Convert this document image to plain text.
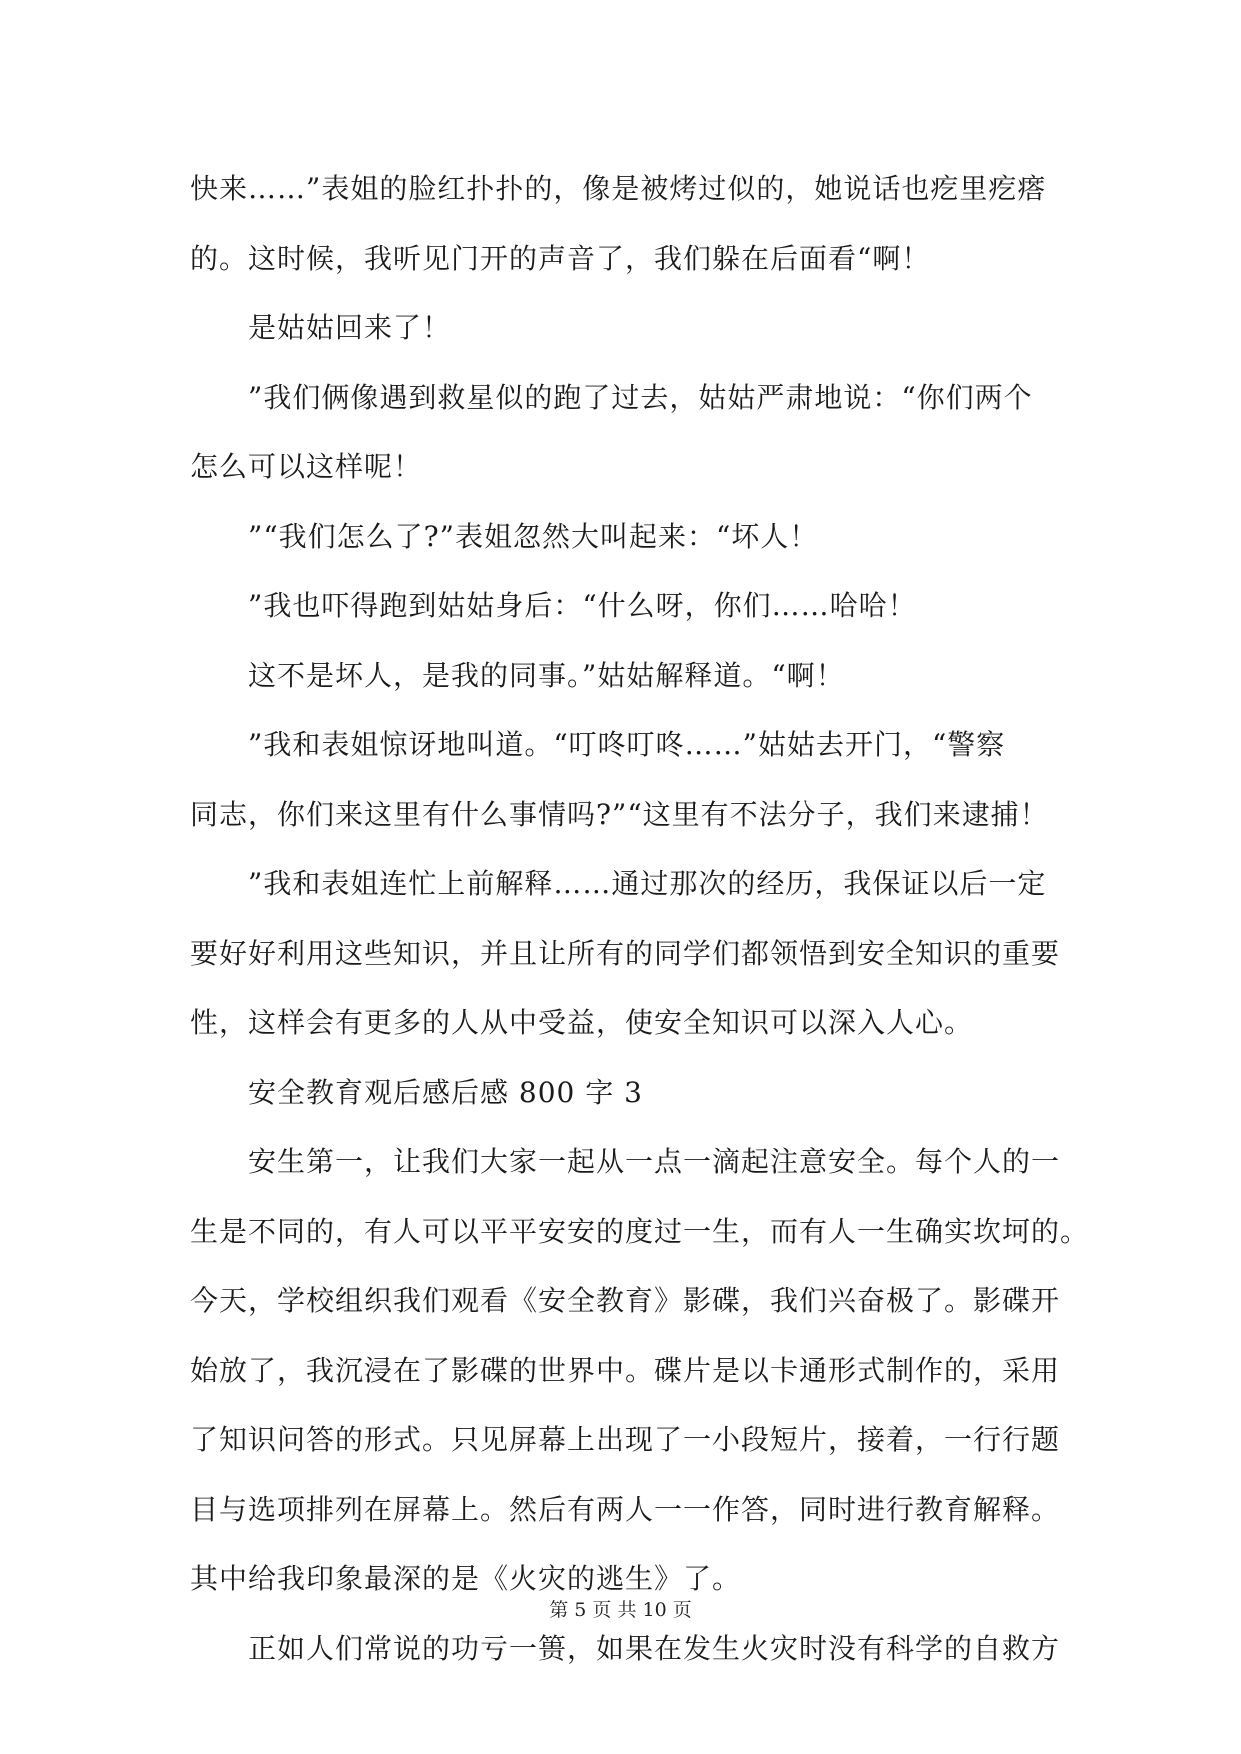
快来……”表姐的脸红扑扑的，像是被烤过似的，她说话也疙里疙瘩
的。这时候，我听见门开的声音了，我们躲在后面看“啊！
是姑姑回来了！
”我们俩像遇到救星似的跑了过去，姑姑严肃地说：“你们两个
怎么可以这样呢！
”“我们怎么了?”表姐忽然大叫起来：“坏人！
”我也吓得跑到姑姑身后：“什么呀，你们……哈哈！
这不是坏人，是我的同事。”姑姑解释道。“啊！
”我和表姐惊讶地叫道。“叮咚叮咚……”姑姑去开门，“警察
同志，你们来这里有什么事情吗?”“这里有不法分子，我们来逮捕！
”我和表姐连忙上前解释……通过那次的经历，我保证以后一定
要好好利用这些知识，并且让所有的同学们都领悟到安全知识的重要
性，这样会有更多的人从中受益，使安全知识可以深入人心。
安全教育观后感后感 800 字 3
安生第一，让我们大家一起从一点一滴起注意安全。每个人的一
生是不同的，有人可以平平安安的度过一生，而有人一生确实坎坷的。
今天，学校组织我们观看《安全教育》影碟，我们兴奋极了。影碟开
始放了，我沉浸在了影碟的世界中。碟片是以卡通形式制作的，采用
了知识问答的形式。只见屏幕上出现了一小段短片，接着，一行行题
目与选项排列在屏幕上。然后有两人一一作答，同时进行教育解释。
其中给我印象最深的是《火灾的逃生》了。
正如人们常说的功亏一篑，如果在发生火灾时没有科学的自救方
第 5 页 共 10 页
